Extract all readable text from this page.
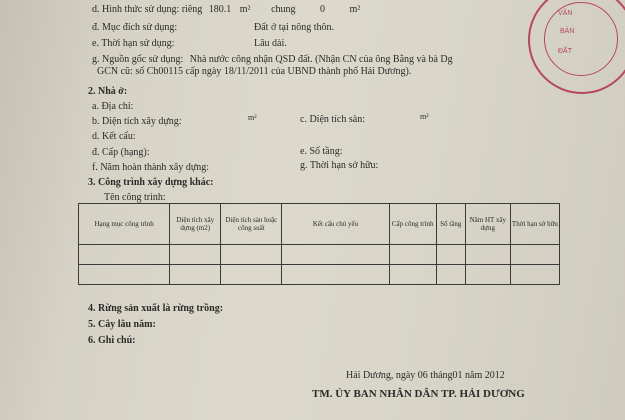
VĂN
BẢN
ĐẤT
d. Hình thức sử dụng: riêng 180.1 m² chung 0 m²
đ. Mục đích sử dụng:	Đất ở tại nông thôn.
e. Thời hạn sử dụng:	Lâu dài.
g. Nguồn gốc sử dụng: Nhà nước công nhận QSD đất. (Nhận CN của ông Bằng và bà Dg
GCN cũ: số Ch00115 cấp ngày 18/11/2011 của UBND thành phố Hải Dương).
2. Nhà ở:
a. Địa chỉ:
b. Diện tích xây dựng:	m²	c. Diện tích sàn:	m²
d. Kết cấu:
đ. Cấp (hạng):	e. Số tầng:
f. Năm hoàn thành xây dựng:	g. Thời hạn sở hữu:
3. Công trình xây dựng khác:
Tên công trình:
Hạng mục công trình	Diện tích xây dựng (m2)	Diện tích sàn hoặc công suất	Kết cấu chủ yếu	Cấp công trình	Số tầng	Năm HT xây dựng	Thời hạn sở hữu

4. Rừng sản xuất là rừng trồng:
5. Cây lâu năm:
6. Ghi chú:
Hải Dương, ngày 06 tháng01 năm 2012
TM. ỦY BAN NHÂN DÂN TP. HẢI DƯƠNG
